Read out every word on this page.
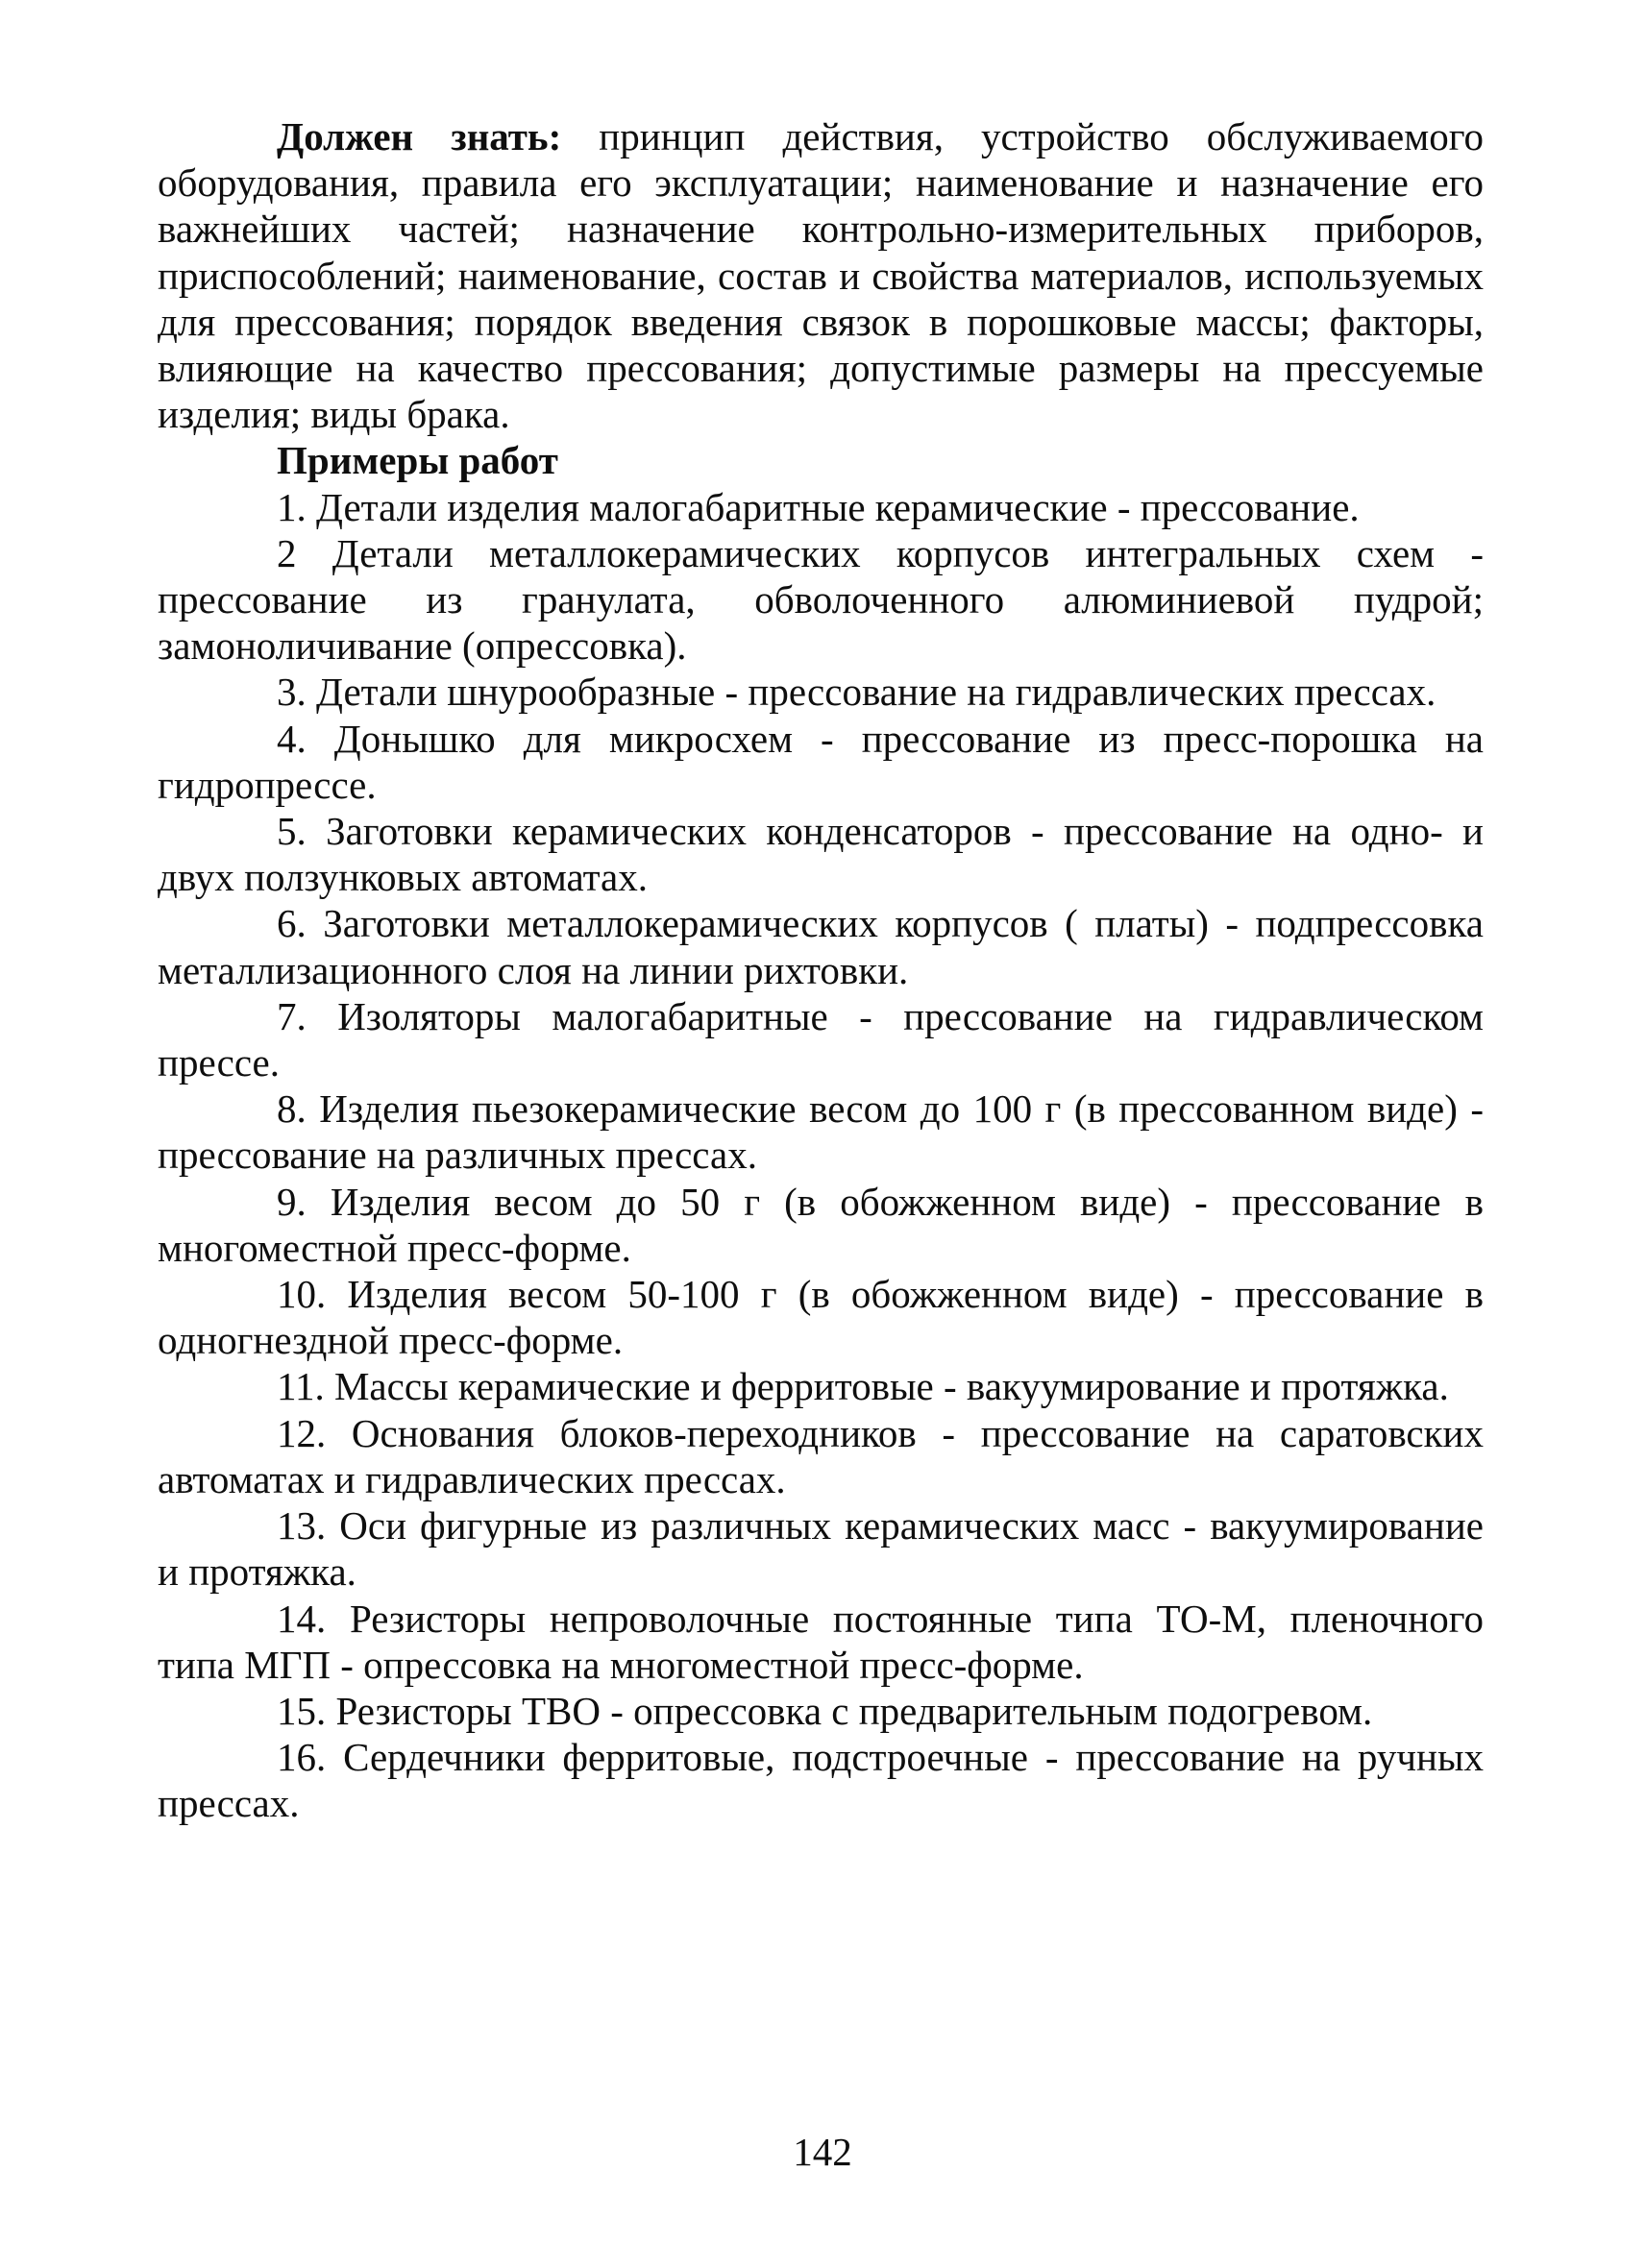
Должен знать: принцип действия, устройство обслуживаемого оборудования, правила его эксплуатации; наименование и назначение его важнейших частей; назначение контрольно-измерительных приборов, приспособлений; наименование, состав и свойства материалов, используемых для прессования; порядок введения связок в порошковые массы; факторы, влияющие на качество прессования; допустимые размеры на прессуемые изделия; виды брака.

Примеры работ

1. Детали изделия малогабаритные керамические - прессование.

2 Детали металлокерамических корпусов интегральных схем - прессование из гранулата, обволоченного алюминиевой пудрой; замоноличивание (опрессовка).

3. Детали шнурообразные - прессование на гидравлических прессах.

4. Донышко для микросхем - прессование из пресс-порошка на гидропрессе.

5. Заготовки керамических конденсаторов - прессование на одно- и двух ползунковых автоматах.

6. Заготовки металлокерамических корпусов ( платы) - подпрессовка металлизационного слоя на линии рихтовки.

7. Изоляторы малогабаритные - прессование на гидравлическом прессе.

8. Изделия пьезокерамические весом до 100 г (в прессованном виде) - прессование на различных прессах.

9. Изделия весом до 50 г (в обожженном виде) - прессование в многоместной пресс-форме.

10. Изделия весом 50-100 г (в обожженном виде) - прессование в одногнездной пресс-форме.

11. Массы керамические и ферритовые - вакуумирование и протяжка.

12. Основания блоков-переходников - прессование на саратовских автоматах и гидравлических прессах.

13. Оси фигурные из различных керамических масс - вакуумирование и протяжка.

14. Резисторы непроволочные постоянные типа ТО-М, пленочного типа МГП - опрессовка на многоместной пресс-форме.

15. Резисторы ТВО - опрессовка с предварительным подогревом.

16. Сердечники ферритовые, подстроечные - прессование на ручных прессах.

142
